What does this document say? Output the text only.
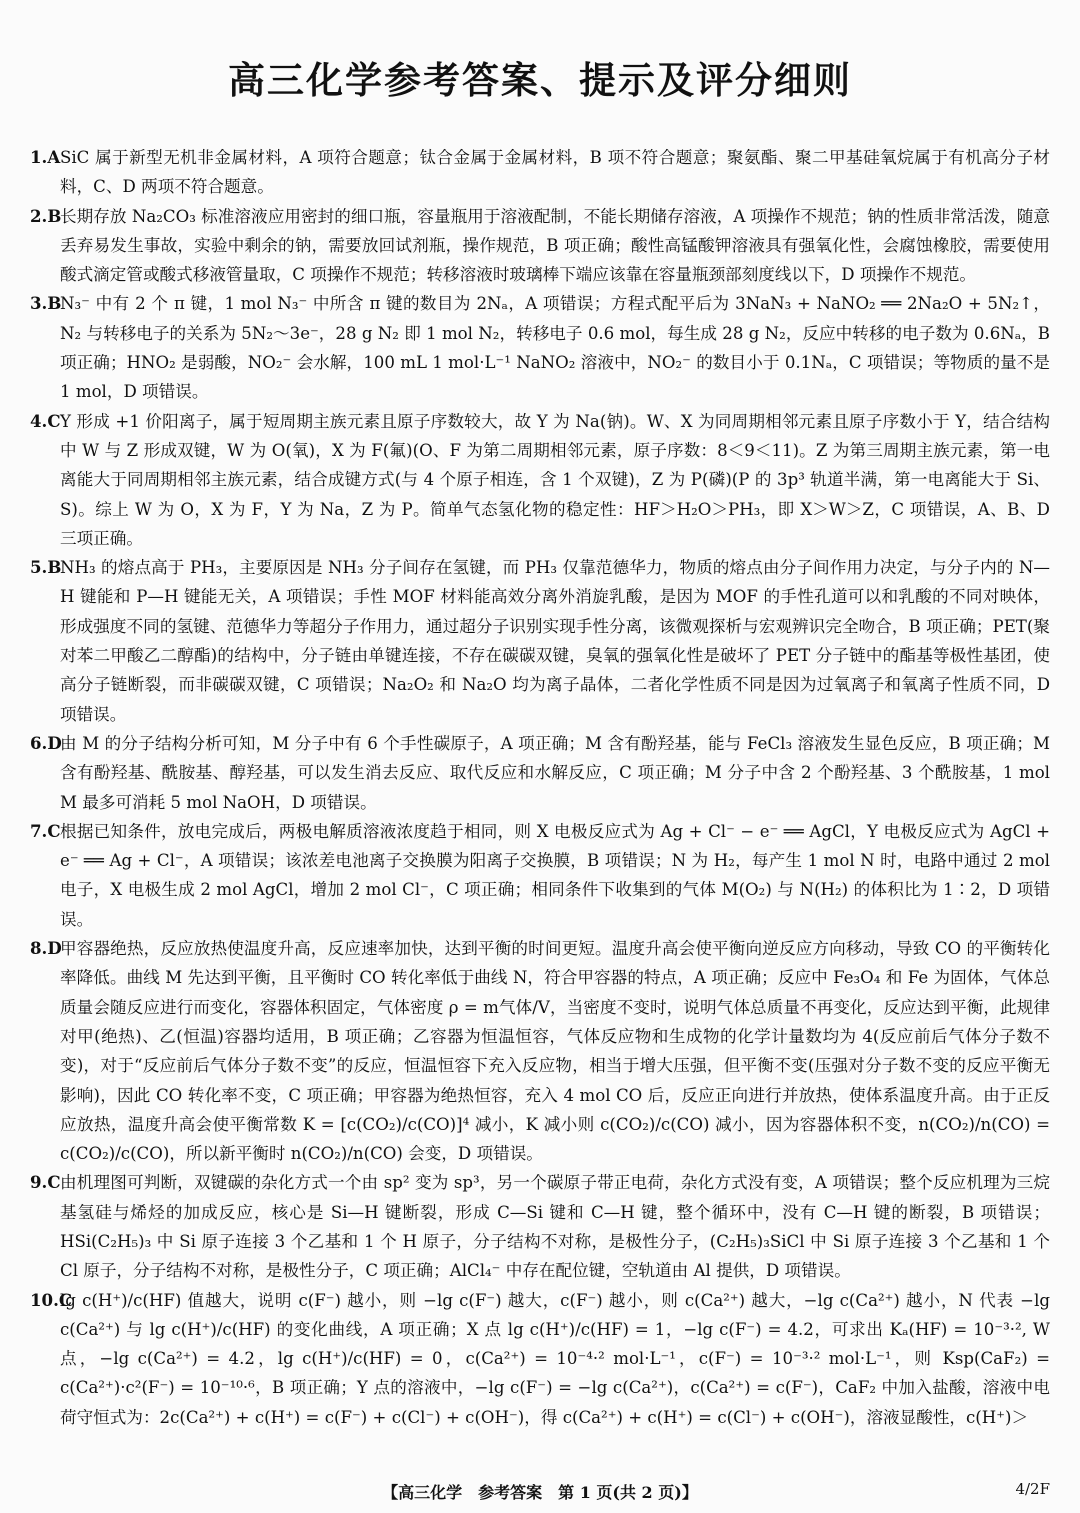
高三化学参考答案、提示及评分细则

1.A SiC 属于新型无机非金属材料，A 项符合题意；钛合金属于金属材料，B 项不符合题意；聚氨酯、聚二甲基硅氧烷属于有机高分子材料，C、D 两项不符合题意。

2.B
长期存放 Na₂CO₃ 标准溶液应用密封的细口瓶，容量瓶用于溶液配制，不能长期储存溶液，A 项操作不规范；钠的性质非常活泼，随意丢弃易发生事故，实验中剩余的钠，需要放回试剂瓶，操作规范，B 项正确；酸性高锰酸钾溶液具有强氧化性，会腐蚀橡胶，需要使用酸式滴定管或酸式移液管量取，C 项操作不规范；转移溶液时玻璃棒下端应该靠在容量瓶颈部刻度线以下，D 项操作不规范。

3.B
N₃⁻ 中有 2 个 π 键，1 mol N₃⁻ 中所含 π 键的数目为 2Nₐ，A 项错误；方程式配平后为 3NaN₃ + NaNO₂ ══ 2Na₂O + 5N₂↑，N₂ 与转移电子的关系为 5N₂～3e⁻，28 g N₂ 即 1 mol N₂，转移电子 0.6 mol，每生成 28 g N₂，反应中转移的电子数为 0.6Nₐ，B 项正确；HNO₂ 是弱酸，NO₂⁻ 会水解，100 mL 1 mol·L⁻¹ NaNO₂ 溶液中，NO₂⁻ 的数目小于 0.1Nₐ，C 项错误；等物质的量不是 1 mol，D 项错误。

4.C Y 形成 +1 价阳离子，属于短周期主族元素且原子序数较大，故 Y 为 Na(钠)。W、X 为同周期相邻元素且原子序数小于 Y，结合结构中 W 与 Z 形成双键，W 为 O(氧)，X 为 F(氟)(O、F 为第二周期相邻元素，原子序数：8＜9＜11)。Z 为第三周期主族元素，第一电离能大于同周期相邻主族元素，结合成键方式(与 4 个原子相连，含 1 个双键)，Z 为 P(磷)(P 的 3p³ 轨道半满，第一电离能大于 Si、S)。综上 W 为 O，X 为 F，Y 为 Na，Z 为 P。简单气态氢化物的稳定性：HF＞H₂O＞PH₃，即 X＞W＞Z，C 项错误，A、B、D 三项正确。

5.B
NH₃ 的熔点高于 PH₃，主要原因是 NH₃ 分子间存在氢键，而 PH₃ 仅靠范德华力，物质的熔点由分子间作用力决定，与分子内的 N—H 键能和 P—H 键能无关，A 项错误；手性 MOF 材料能高效分离外消旋乳酸，是因为 MOF 的手性孔道可以和乳酸的不同对映体，形成强度不同的氢键、范德华力等超分子作用力，通过超分子识别实现手性分离，该微观探析与宏观辨识完全吻合，B 项正确；PET(聚对苯二甲酸乙二醇酯)的结构中，分子链由单键连接，不存在碳碳双键，臭氧的强氧化性是破坏了 PET 分子链中的酯基等极性基团，使高分子链断裂，而非碳碳双键，C 项错误；Na₂O₂ 和 Na₂O 均为离子晶体，二者化学性质不同是因为过氧离子和氧离子性质不同，D 项错误。

6.D
由 M 的分子结构分析可知，M 分子中有 6 个手性碳原子，A 项正确；M 含有酚羟基，能与 FeCl₃ 溶液发生显色反应，B 项正确；M 含有酚羟基、酰胺基、醇羟基，可以发生消去反应、取代反应和水解反应，C 项正确；M 分子中含 2 个酚羟基、3 个酰胺基，1 mol M 最多可消耗 5 mol NaOH，D 项错误。

7.C 根据已知条件，放电完成后，两极电解质溶液浓度趋于相同，则 X 电极反应式为 Ag + Cl⁻ − e⁻ ══ AgCl，Y 电极反应式为 AgCl + e⁻ ══ Ag + Cl⁻，A 项错误；该浓差电池离子交换膜为阳离子交换膜，B 项错误；N 为 H₂，每产生 1 mol N 时，电路中通过 2 mol 电子，X 电极生成 2 mol AgCl，增加 2 mol Cl⁻，C 项正确；相同条件下收集到的气体 M(O₂) 与 N(H₂) 的体积比为 1∶2，D 项错误。

8.D
甲容器绝热，反应放热使温度升高，反应速率加快，达到平衡的时间更短。温度升高会使平衡向逆反应方向移动，导致 CO 的平衡转化率降低。曲线 M 先达到平衡，且平衡时 CO 转化率低于曲线 N，符合甲容器的特点，A 项正确；反应中 Fe₃O₄ 和 Fe 为固体，气体总质量会随反应进行而变化，容器体积固定，气体密度 ρ = m气体/V，当密度不变时，说明气体总质量不再变化，反应达到平衡，此规律对甲(绝热)、乙(恒温)容器均适用，B 项正确；乙容器为恒温恒容，气体反应物和生成物的化学计量数均为 4(反应前后气体分子数不变)，对于“反应前后气体分子数不变”的反应，恒温恒容下充入反应物，相当于增大压强，但平衡不变(压强对分子数不变的反应平衡无影响)，因此 CO 转化率不变，C 项正确；甲容器为绝热恒容，充入 4 mol CO 后，反应正向进行并放热，使体系温度升高。由于正反应放热，温度升高会使平衡常数 K = [c(CO₂)/c(CO)]⁴ 减小，K 减小则 c(CO₂)/c(CO) 减小，因为容器体积不变，n(CO₂)/n(CO) = c(CO₂)/c(CO)，所以新平衡时 n(CO₂)/n(CO) 会变，D 项错误。

9.C 由机理图可判断，双键碳的杂化方式一个由 sp² 变为 sp³，另一个碳原子带正电荷，杂化方式没有变，A 项错误；整个反应机理为三烷基氢硅与烯烃的加成反应，核心是 Si—H 键断裂，形成 C—Si 键和 C—H 键，整个循环中，没有 C—H 键的断裂，B 项错误；HSi(C₂H₅)₃ 中 Si 原子连接 3 个乙基和 1 个 H 原子，分子结构不对称，是极性分子，(C₂H₅)₃SiCl 中 Si 原子连接 3 个乙基和 1 个 Cl 原子，分子结构不对称，是极性分子，C 项正确；AlCl₄⁻ 中存在配位键，空轨道由 Al 提供，D 项错误。

10.C
lg c(H⁺)/c(HF) 值越大，说明 c(F⁻) 越小，则 −lg c(F⁻) 越大，c(F⁻) 越小，则 c(Ca²⁺) 越大，−lg c(Ca²⁺) 越小，N 代表 −lg c(Ca²⁺) 与 lg c(H⁺)/c(HF) 的变化曲线，A 项正确；X 点 lg c(H⁺)/c(HF) = 1，−lg c(F⁻) = 4.2，可求出 Kₐ(HF) = 10⁻³·², W 点，−lg c(Ca²⁺) = 4.2，lg c(H⁺)/c(HF) = 0，c(Ca²⁺) = 10⁻⁴·² mol·L⁻¹，c(F⁻) = 10⁻³·² mol·L⁻¹，则 Ksp(CaF₂) = c(Ca²⁺)·c²(F⁻) = 10⁻¹⁰·⁶，B 项正确；Y 点的溶液中，−lg c(F⁻) = −lg c(Ca²⁺)，c(Ca²⁺) = c(F⁻)，CaF₂ 中加入盐酸，溶液中电荷守恒式为：2c(Ca²⁺) + c(H⁺) = c(F⁻) + c(Cl⁻) + c(OH⁻)，得 c(Ca²⁺) + c(H⁺) = c(Cl⁻) + c(OH⁻)，溶液显酸性，c(H⁺)＞

【高三化学　参考答案　第 1 页(共 2 页)】	4/2F
